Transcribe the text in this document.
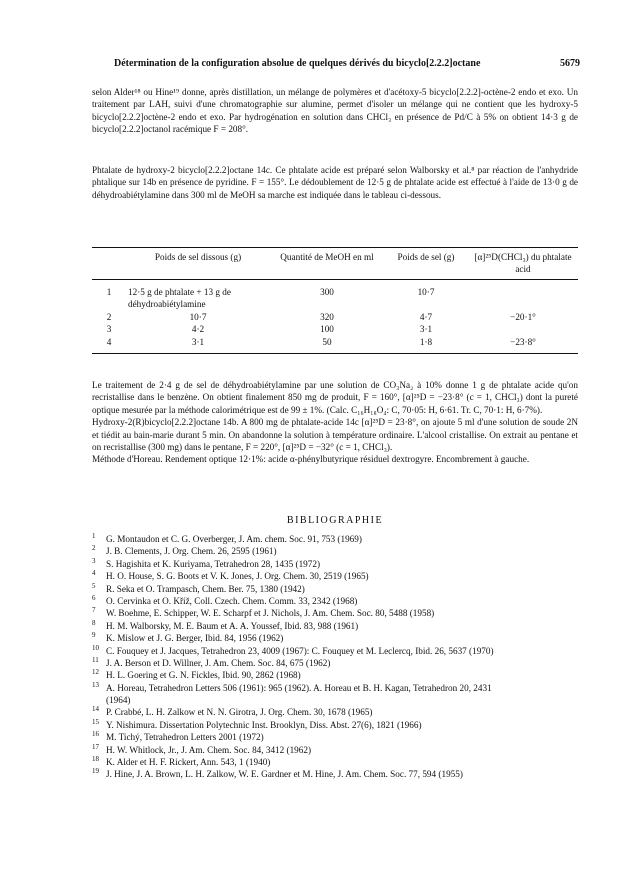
Détermination de la configuration absolue de quelques dérivés du bicyclo[2.2.2]octane	5679

selon Alder¹⁸ ou Hine¹⁹ donne, après distillation, un mélange de polymères et d'acétoxy-5 bicyclo[2.2.2]-octène-2 endo et exo. Un traitement par LAH, suivi d'une chromatographie sur alumine, permet d'isoler un mélange qui ne contient que les hydroxy-5 bicyclo[2.2.2]octène-2 endo et exo. Par hydrogénation en solution dans CHCl₃ en présence de Pd/C à 5% on obtient 14·3 g de bicyclo[2.2.2]octanol racémique F = 208°.

Phtalate de hydroxy-2 bicyclo[2.2.2]octane 14c. Ce phtalate acide est préparé selon Walborsky et al.⁸ par réaction de l'anhydride phtalique sur 14b en présence de pyridine. F = 155°. Le dédoublement de 12·5 g de phtalate acide est effectué à l'aide de 13·0 g de déhydroabiétylamine dans 300 ml de MeOH sa marche est indiquée dans le tableau ci-dessous.

	Poids de sel dissous (g)	Quantité de MeOH en ml	Poids de sel (g)	[α]²⁵D(CHCl₃) du phtalate acid
1	12·5 g de phtalate + 13 g de déhydroabiétylamine	300	10·7	
2	10·7	320	4·7	−20·1°
3	4·2	100	3·1	
4	3·1	50	1·8	−23·8°

Le traitement de 2·4 g de sel de déhydroabiétylamine par une solution de CO₃Na₂ à 10% donne 1 g de phtalate acide qu'on recristallise dans le benzène. On obtient finalement 850 mg de produit, F = 160°, [α]²⁵D = −23·8° (c = 1, CHCl₃) dont la pureté optique mesurée par la méthode calorimétrique est de 99 ± 1%. (Calc. C₁₆H₁₈O₄: C, 70·05: H, 6·61. Tr. C, 70·1: H, 6·7%).

Hydroxy-2(R)bicyclo[2.2.2]octane 14b. A 800 mg de phtalate-acide 14c [α]²⁵D = 23·8°, on ajoute 5 ml d'une solution de soude 2N et tiédit au bain-marie durant 5 min. On abandonne la solution à température ordinaire. L'alcool cristallise. On extrait au pentane et on recristallise (300 mg) dans le pentane, F = 220°, [α]²⁵D = −32° (c = 1, CHCl₃).

Méthode d'Horeau. Rendement optique 12·1%: acide α-phénylbutyrique résiduel dextrogyre. Encombrement à gauche.

BIBLIOGRAPHIE
1	G. Montaudon et C. G. Overberger, J. Am. chem. Soc. 91, 753 (1969)
2	J. B. Clements, J. Org. Chem. 26, 2595 (1961)
3	S. Hagishita et K. Kuriyama, Tetrahedron 28, 1435 (1972)
4	H. O. House, S. G. Boots et V. K. Jones, J. Org. Chem. 30, 2519 (1965)
5	R. Seka et O. Trampasch, Chem. Ber. 75, 1380 (1942)
6	O. Cervinka et O. Kříž, Coll. Czech. Chem. Comm. 33, 2342 (1968)
7	W. Boehme, E. Schipper, W. E. Scharpf et J. Nichols, J. Am. Chem. Soc. 80, 5488 (1958)
8	H. M. Walborsky, M. E. Baum et A. A. Youssef, Ibid. 83, 988 (1961)
9	K. Mislow et J. G. Berger, Ibid. 84, 1956 (1962)
10 C. Fouquey et J. Jacques, Tetrahedron 23, 4009 (1967): C. Fouquey et M. Leclercq, Ibid. 26, 5637 (1970)
11 J. A. Berson et D. Willner, J. Am. Chem. Soc. 84, 675 (1962)
12 H. L. Goering et G. N. Fickles, Ibid. 90, 2862 (1968)
13 A. Horeau, Tetrahedron Letters 506 (1961): 965 (1962). A. Horeau et B. H. Kagan, Tetrahedron 20, 2431
(1964)
14 P. Crabbé, L. H. Zalkow et N. N. Girotra, J. Org. Chem. 30, 1678 (1965)
15 Y. Nishimura. Dissertation Polytechnic Inst. Brooklyn, Diss. Abst. 27(6), 1821 (1966)
16 M. Tichý, Tetrahedron Letters 2001 (1972)
17 H. W. Whitlock, Jr., J. Am. Chem. Soc. 84, 3412 (1962)
18 K. Alder et H. F. Rickert, Ann. 543, 1 (1940)
19 J. Hine, J. A. Brown, L. H. Zalkow, W. E. Gardner et M. Hine, J. Am. Chem. Soc. 77, 594 (1955)
